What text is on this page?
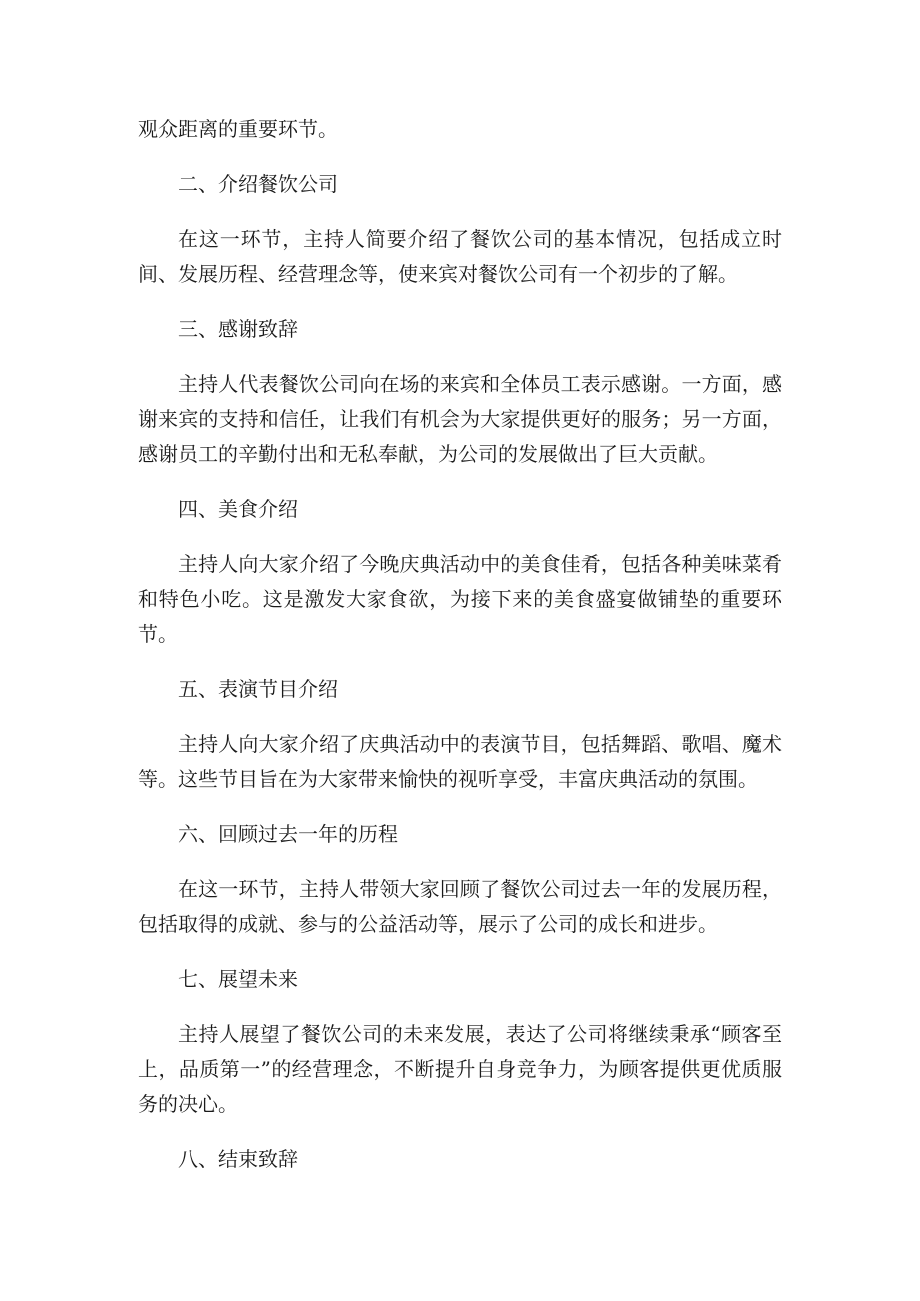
观众距离的重要环节。

二、介绍餐饮公司

在这一环节，主持人简要介绍了餐饮公司的基本情况，包括成立时间、发展历程、经营理念等，使来宾对餐饮公司有一个初步的了解。

三、感谢致辞

主持人代表餐饮公司向在场的来宾和全体员工表示感谢。一方面，感谢来宾的支持和信任，让我们有机会为大家提供更好的服务；另一方面，感谢员工的辛勤付出和无私奉献，为公司的发展做出了巨大贡献。

四、美食介绍

主持人向大家介绍了今晚庆典活动中的美食佳肴，包括各种美味菜肴和特色小吃。这是激发大家食欲，为接下来的美食盛宴做铺垫的重要环节。

五、表演节目介绍

主持人向大家介绍了庆典活动中的表演节目，包括舞蹈、歌唱、魔术等。这些节目旨在为大家带来愉快的视听享受，丰富庆典活动的氛围。

六、回顾过去一年的历程

在这一环节，主持人带领大家回顾了餐饮公司过去一年的发展历程，包括取得的成就、参与的公益活动等，展示了公司的成长和进步。

七、展望未来

主持人展望了餐饮公司的未来发展，表达了公司将继续秉承“顾客至上，品质第一”的经营理念，不断提升自身竞争力，为顾客提供更优质服务的决心。

八、结束致辞
